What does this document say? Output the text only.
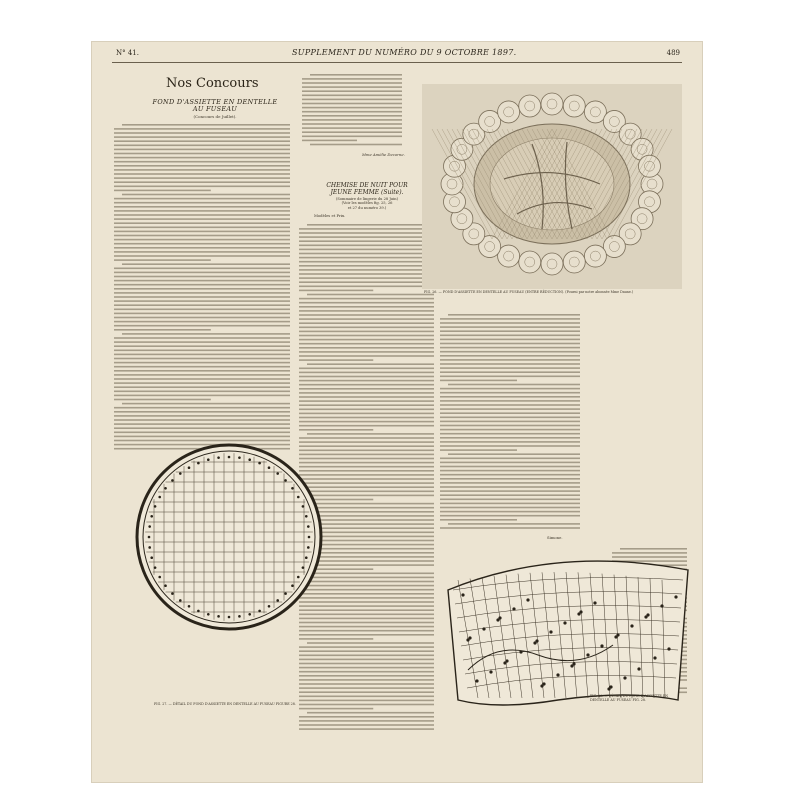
N° 41.	SUPPLEMENT DU NUMÉRO DU 9 OCTOBRE 1897.	489
Nos Concours
FOND D'ASSIETTE EN DENTELLE
AU FUSEAU
(Concours de Juillet).
Mme Amélie Decorne.
CHEMISE DE NUIT POUR
JEUNE FEMME (Suite).
(Sommaire de lingerie du 28 Juin)
(Voir les modèles fig. 25, 26
et 27 du numéro 39.)
Modèles et Prix.
Simone.
FIG. 26. — FOND D'ASSIETTE EN DENTELLE AU FUSEAU (ENTRE RÉDUCTION). (Fourni par notre abonnée Mme Daune.)
FIG. 27. — DÉTAIL DU FOND D'ASSIETTE EN DENTELLE AU FUSEAU FIGURE 28.
FIG. 29. — DÉTAIL DU FOND D'ASSIETTE EN DENTELLE AU FUSEAU FIG. 28.
